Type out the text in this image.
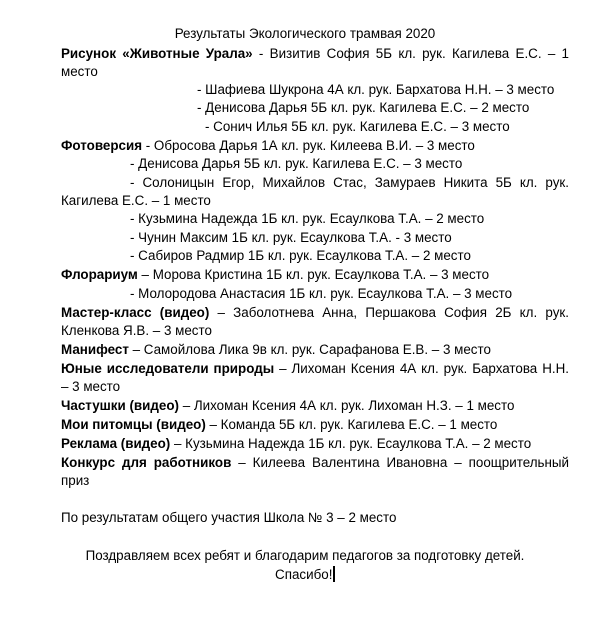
Результаты Экологического трамвая 2020
Рисунок «Животные Урала» - Визитив София 5Б кл. рук. Кагилева Е.С. – 1
место
- Шафиева Шукрона 4А кл. рук. Бархатова Н.Н. – 3 место
- Денисова Дарья 5Б кл. рук. Кагилева Е.С. – 2 место
- Сонич Илья 5Б кл. рук. Кагилева Е.С. – 3 место
Фотоверсия - Обросова Дарья 1А кл. рук. Килеева В.И. – 3 место
- Денисова Дарья 5Б кл. рук. Кагилева Е.С. – 3 место
- Солоницын Егор, Михайлов Стас, Замураев Никита 5Б кл. рук.
Кагилева Е.С. – 1 место
- Кузьмина Надежда 1Б кл. рук. Есаулкова Т.А. – 2 место
- Чунин Максим 1Б кл. рук. Есаулкова Т.А. - 3 место
- Сабиров Радмир 1Б кл. рук. Есаулкова Т.А. – 2 место
Флорариум – Морова Кристина 1Б кл. рук. Есаулкова Т.А. – 3 место
- Молородова Анастасия 1Б кл. рук. Есаулкова Т.А. – 3 место
Мастер-класс (видео) – Заболотнева Анна, Першакова София 2Б кл. рук.
Кленкова Я.В. – 3 место
Манифест – Самойлова Лика 9в кл. рук. Сарафанова Е.В. – 3 место
Юные исследователи природы – Лихоман Ксения 4А кл. рук. Бархатова Н.Н.
– 3 место
Частушки (видео) – Лихоман Ксения 4А кл. рук. Лихоман Н.З. – 1 место
Мои питомцы (видео) – Команда 5Б кл. рук. Кагилева Е.С. – 1 место
Реклама (видео) – Кузьмина Надежда 1Б кл. рук. Есаулкова Т.А. – 2 место
Конкурс для работников – Килеева Валентина Ивановна – поощрительный
приз
По результатам общего участия Школа № 3 – 2 место
Поздравляем всех ребят и благодарим педагогов за подготовку детей.
Спасибо!
